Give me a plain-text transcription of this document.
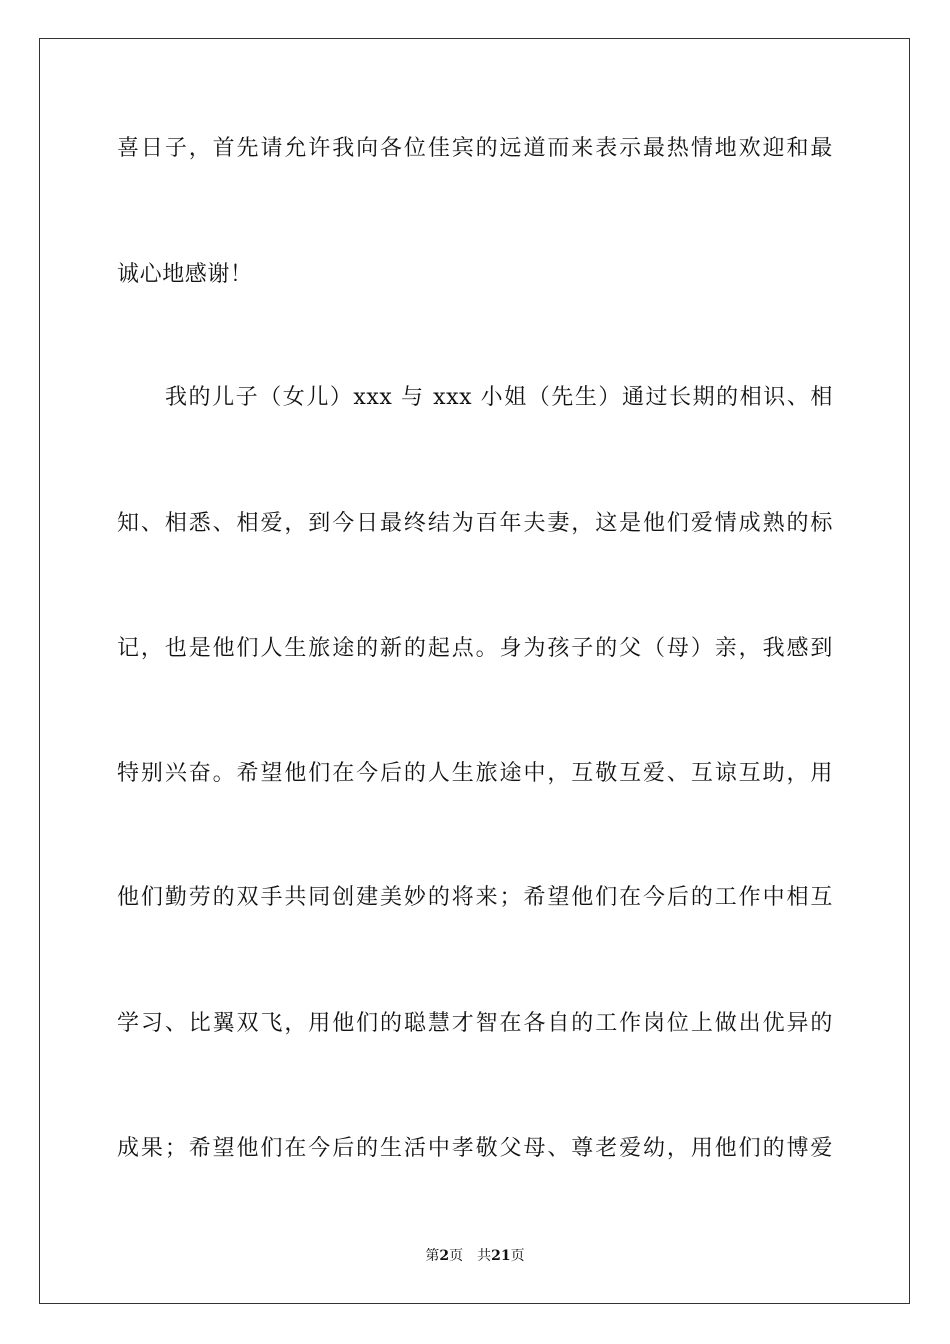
喜日子，首先请允许我向各位佳宾的远道而来表示最热情地欢迎和最
诚心地感谢！
我的儿子（女儿）xxx 与 xxx 小姐（先生）通过长期的相识、相
知、相悉、相爱，到今日最终结为百年夫妻，这是他们爱情成熟的标
记，也是他们人生旅途的新的起点。身为孩子的父（母）亲，我感到
特别兴奋。希望他们在今后的人生旅途中，互敬互爱、互谅互助，用
他们勤劳的双手共同创建美妙的将来；希望他们在今后的工作中相互
学习、比翼双飞，用他们的聪慧才智在各自的工作岗位上做出优异的
成果；希望他们在今后的生活中孝敬父母、尊老爱幼，用他们的博爱
第2页 共21页
